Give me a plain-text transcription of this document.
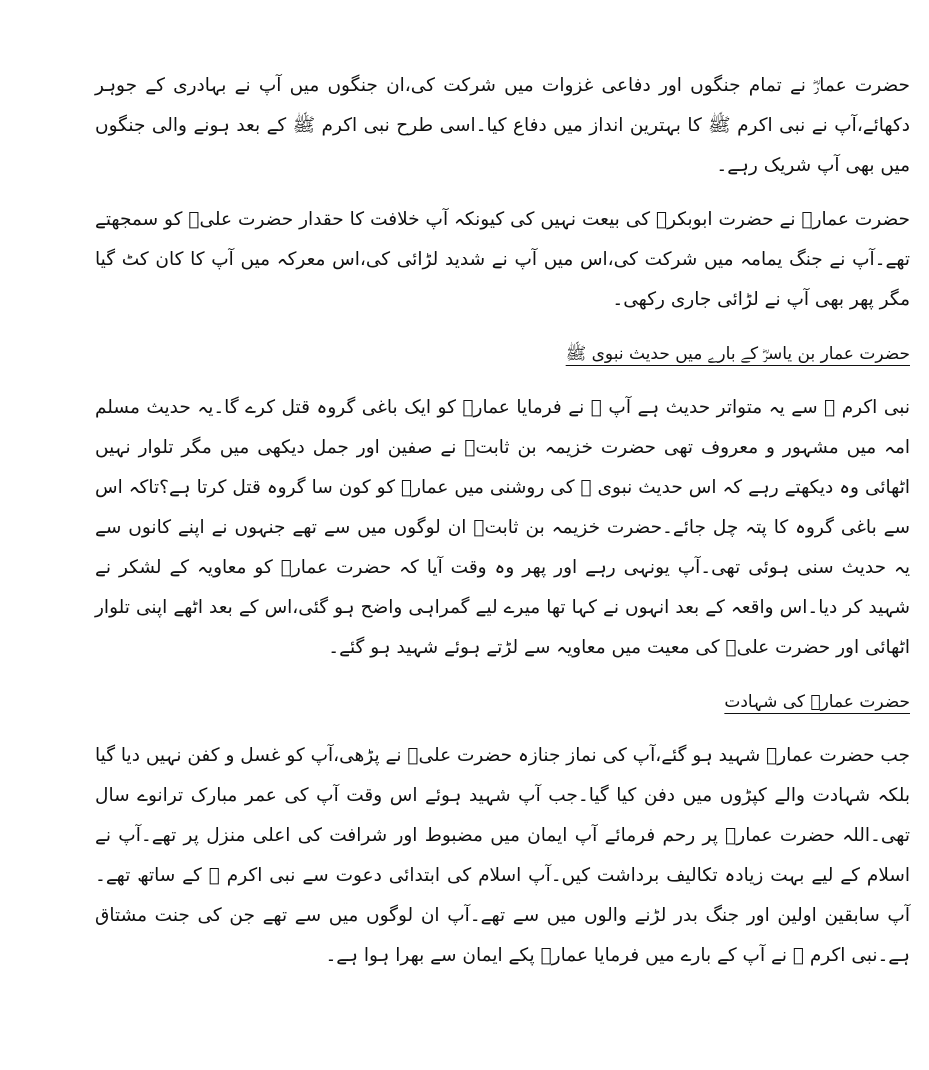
حضرت عمارؓ نے تمام جنگوں اور دفاعی غزوات میں شرکت کی،ان جنگوں میں آپ نے بہادری کے جوہر دکھائے،آپ نے نبی اکرم ﷺ کا بہترین انداز میں دفاع کیا۔اسی طرح نبی اکرم ﷺ کے بعد ہونے والی جنگوں میں بھی آپ شریک رہے۔

حضرت عمارؓ نے حضرت ابوبکرؓ کی بیعت نہیں کی کیونکہ آپ خلافت کا حقدار حضرت علیؑ کو سمجھتے تھے۔آپ نے جنگ یمامہ میں شرکت کی،اس میں آپ نے شدید لڑائی کی،اس معرکہ میں آپ کا کان کٹ گیا مگر پھر بھی آپ نے لڑائی جاری رکھی۔

حضرت عمار بن یاسرؓ کے بارے میں حدیث نبوی ﷺ

نبی اکرم ﷺ سے یہ متواتر حدیث ہے آپ ﷺ نے فرمایا عمارؓ کو ایک باغی گروہ قتل کرے گا۔یہ حدیث مسلم امہ میں مشہور و معروف تھی حضرت خزیمہ بن ثابتؓ نے صفین اور جمل دیکھی میں مگر تلوار نہیں اٹھائی وہ دیکھتے رہے کہ اس حدیث نبوی ﷺ کی روشنی میں عمارؓ کو کون سا گروہ قتل کرتا ہے؟تاکہ اس سے باغی گروہ کا پتہ چل جائے۔حضرت خزیمہ بن ثابتؓ ان لوگوں میں سے تھے جنہوں نے اپنے کانوں سے یہ حدیث سنی ہوئی تھی۔آپ یونہی رہے اور پھر وہ وقت آیا کہ حضرت عمارؓ کو معاویہ کے لشکر نے شہید کر دیا۔اس واقعہ کے بعد انہوں نے کہا تھا میرے لیے گمراہی واضح ہو گئی،اس کے بعد اٹھے اپنی تلوار اٹھائی اور حضرت علیؑ کی معیت میں معاویہ سے لڑتے ہوئے شہید ہو گئے۔

حضرت عمارؓ کی شہادت

جب حضرت عمارؓ شہید ہو گئے،آپ کی نماز جنازہ حضرت علیؑ نے پڑھی،آپ کو غسل و کفن نہیں دیا گیا بلکہ شہادت والے کپڑوں میں دفن کیا گیا۔جب آپ شہید ہوئے اس وقت آپ کی عمر مبارک ترانوے سال تھی۔اللہ حضرت عمارؓ پر رحم فرمائے آپ ایمان میں مضبوط اور شرافت کی اعلی منزل پر تھے۔آپ نے اسلام کے لیے بہت زیادہ تکالیف برداشت کیں۔آپ اسلام کی ابتدائی دعوت سے نبی اکرم ﷺ کے ساتھ تھے۔آپ سابقین اولین اور جنگ بدر لڑنے والوں میں سے تھے۔آپ ان لوگوں میں سے تھے جن کی جنت مشتاق ہے۔نبی اکرم ﷺ نے آپ کے بارے میں فرمایا عمارؓ پکے ایمان سے بھرا ہوا ہے۔
